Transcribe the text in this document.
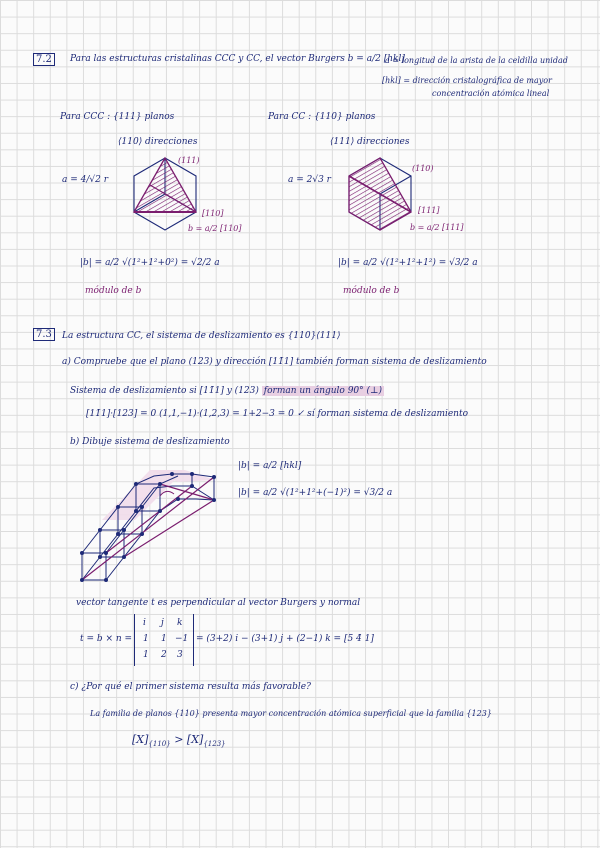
7.2	Para las estructuras cristalinas CCC y CC, el vector Burgers b = a/2 [hkl]
a = longitud de la arista de la celdilla unidad
[hkl] = dirección cristalográfica de mayor
concentración atómica lineal
Para CCC : {111} planos
⟨110⟩ direcciones
a = 4/√2 r
(111)
[110]
b = a/2 [110]
|b| = a/2 √(1²+1²+0²) = √2/2 a
módulo de b
Para CC : {110} planos
⟨111⟩ direcciones
a = 2√3 r
(110)
[111]
b = a/2 [111]
|b| = a/2 √(1²+1²+1²) = √3/2 a
módulo de b
7.3	La estructura CC, el sistema de deslizamiento es {110}⟨111⟩
a) Compruebe que el plano (123) y dirección [11̄1] también forman sistema de deslizamiento
Sistema de deslizamiento si [11̄1] y (123) forman un ángulo 90° (⊥)
[11̄1]·[123] = 0 (1,1,−1)·(1,2,3) = 1+2−3 = 0 ✓ sí forman sistema de deslizamiento
b) Dibuje sistema de deslizamiento
|b| = a/2 [hkl]
|b| = a/2 √(1²+1²+(−1)²) = √3/2 a
vector tangente t es perpendicular al vector Burgers y normal
t = b × n =
i j k
1 1 −1
1 2 3
= (3+2) i − (3+1) j + (2−1) k = [5 4̄ 1]
c) ¿Por qué el primer sistema resulta más favorable?
La familia de planos {110} presenta mayor concentración atómica superficial que la familia {123}
$[X]_{\{110\}} > [X]_{\{123\}}$
